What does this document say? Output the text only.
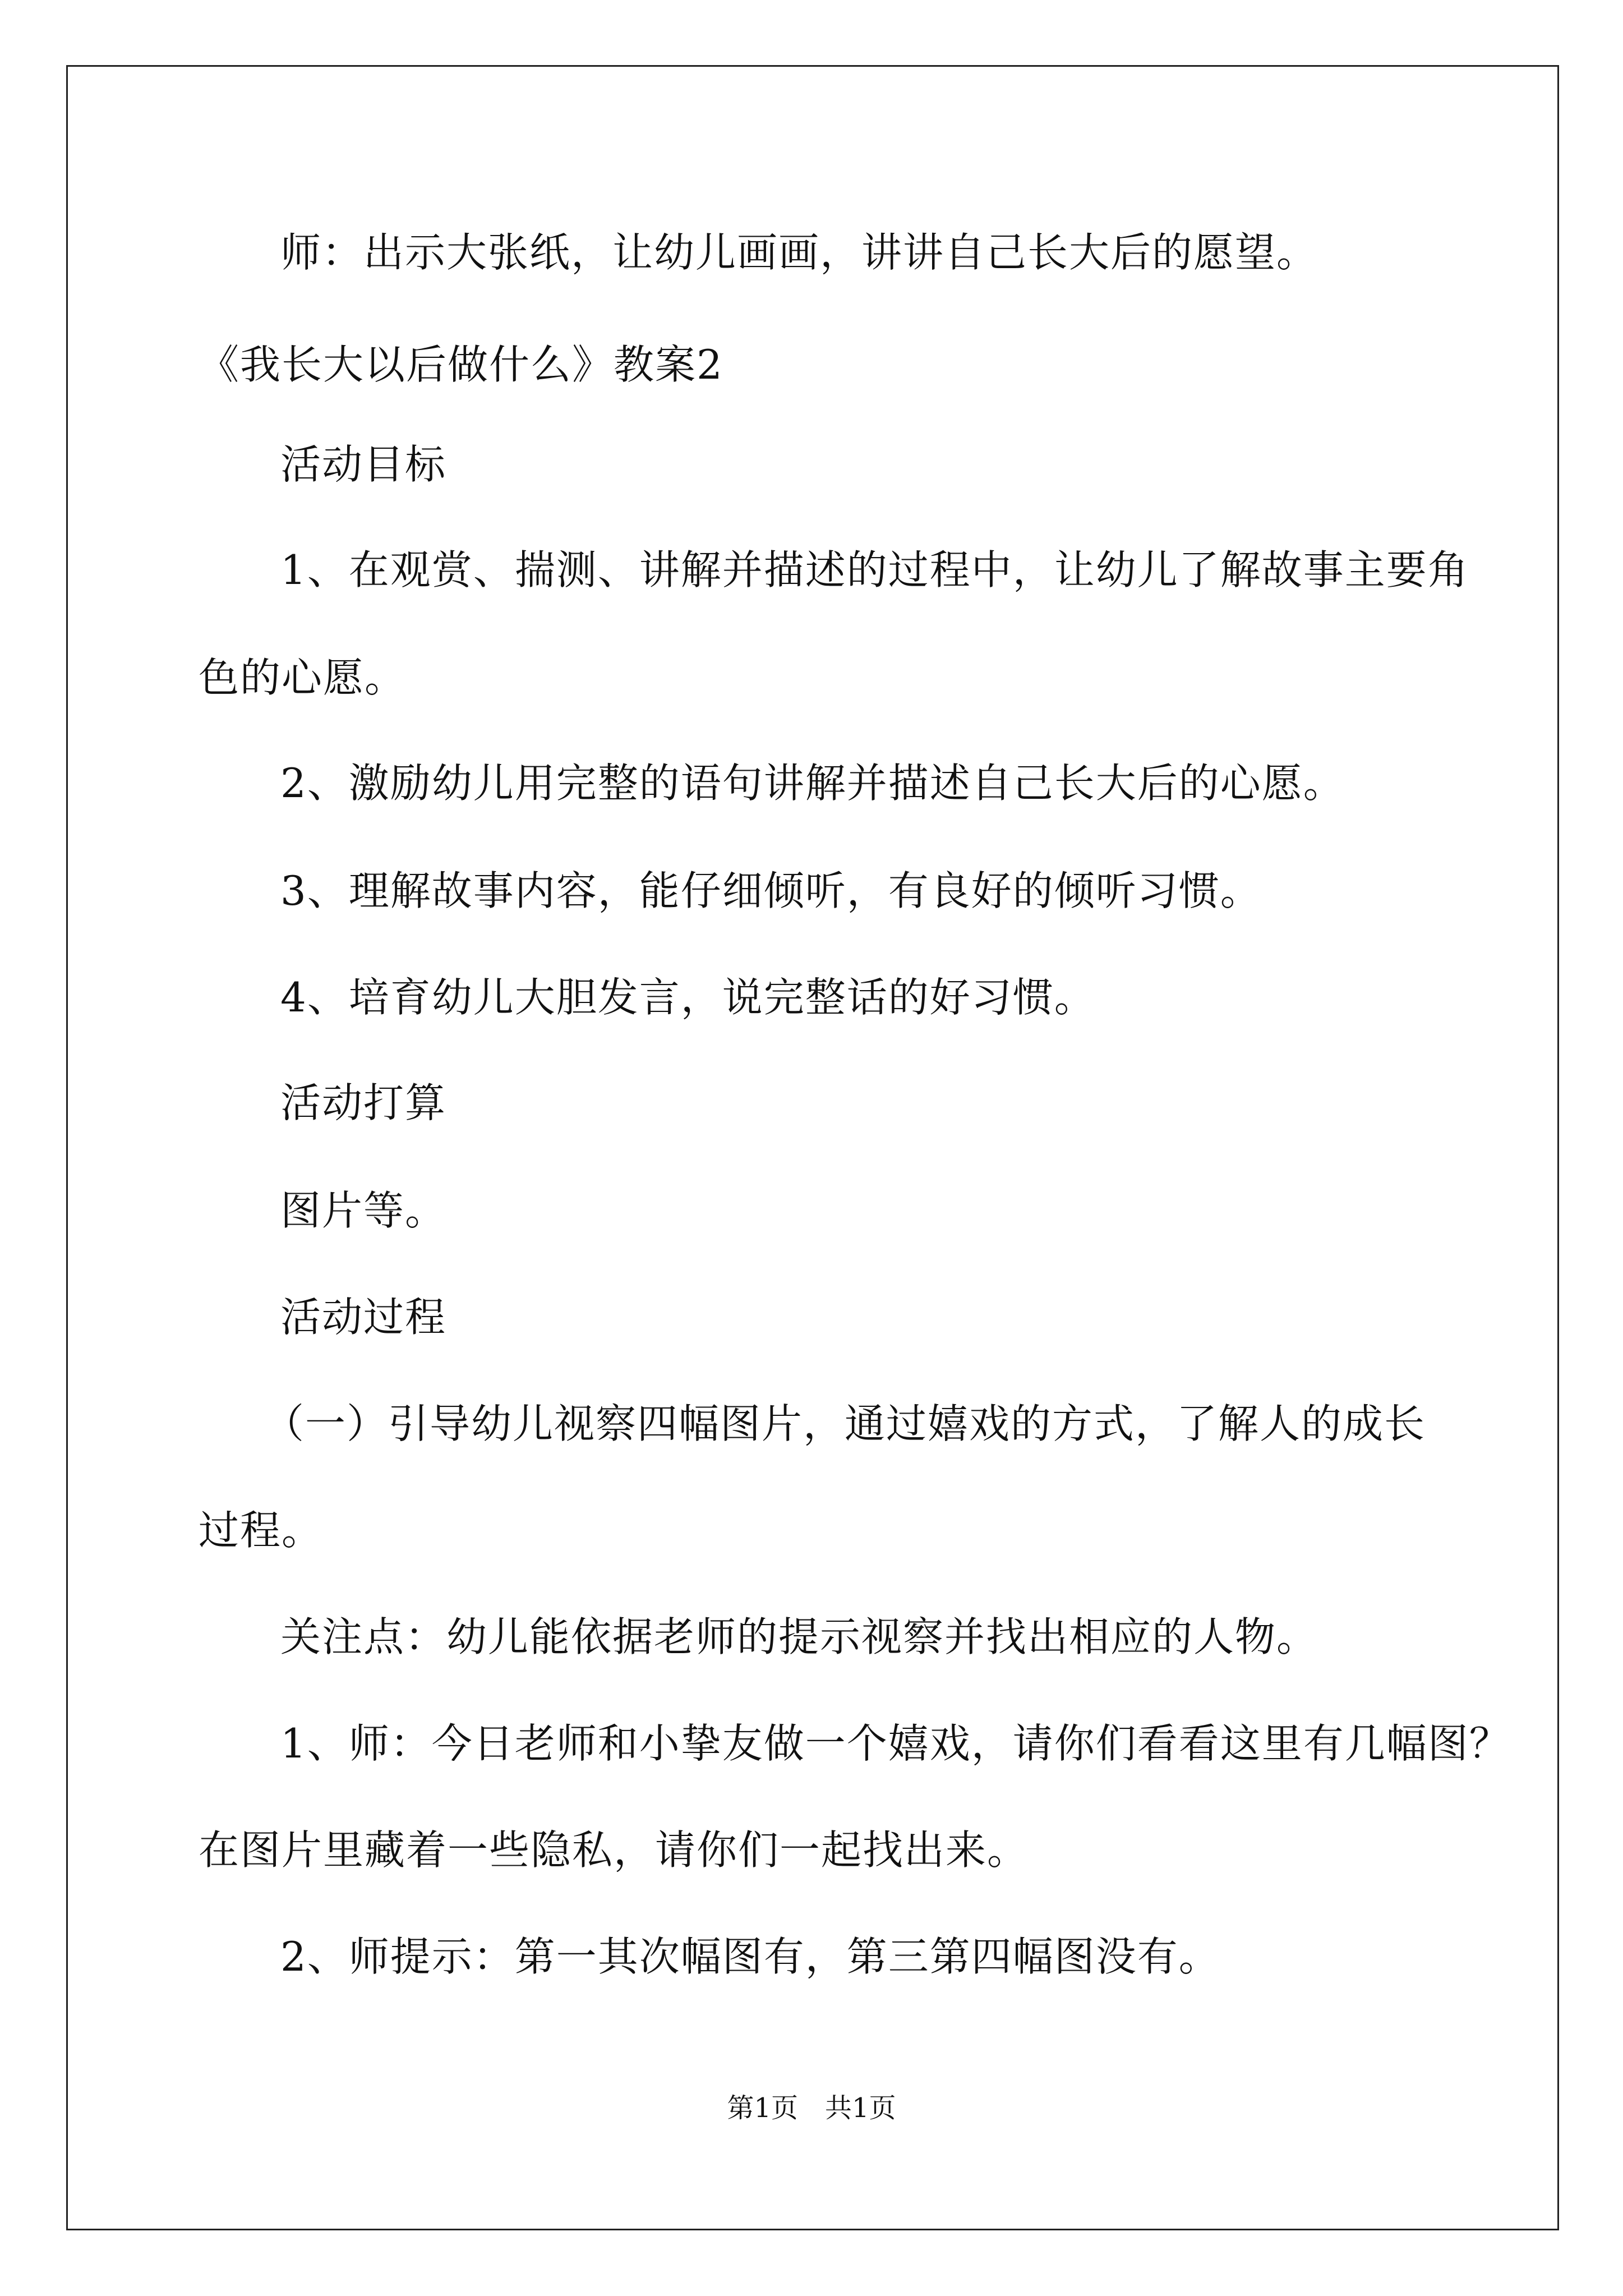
师：出示大张纸，让幼儿画画，讲讲自己长大后的愿望。
《我长大以后做什么》教案2
活动目标
1、在观赏、揣测、讲解并描述的过程中，让幼儿了解故事主要角
色的心愿。
2、激励幼儿用完整的语句讲解并描述自己长大后的心愿。
3、理解故事内容，能仔细倾听，有良好的倾听习惯。
4、培育幼儿大胆发言，说完整话的好习惯。
活动打算
图片等。
活动过程
（一）引导幼儿视察四幅图片，通过嬉戏的方式，了解人的成长
过程。
关注点：幼儿能依据老师的提示视察并找出相应的人物。
1、师：今日老师和小挚友做一个嬉戏，请你们看看这里有几幅图？
在图片里藏着一些隐私，请你们一起找出来。
2、师提示：第一其次幅图有，第三第四幅图没有。
第1页　共1页
